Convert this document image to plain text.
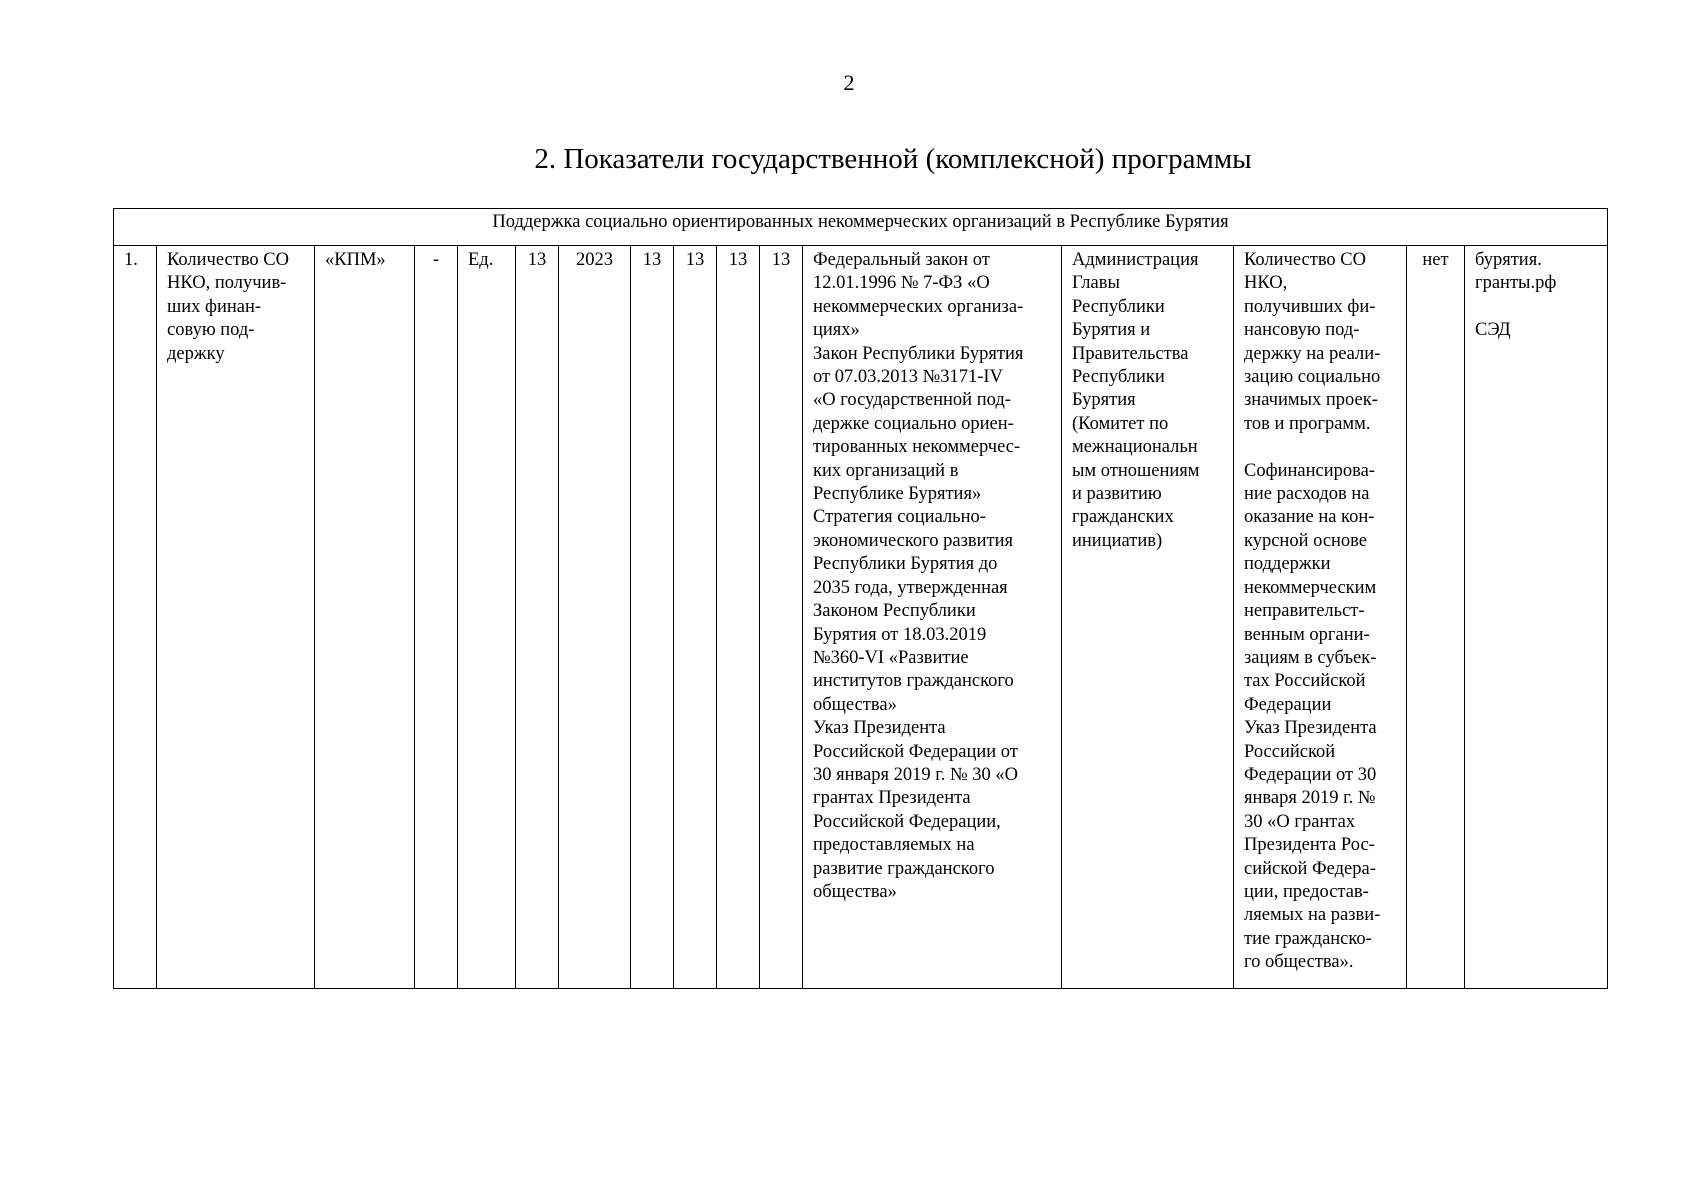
2
2. Показатели государственной (комплексной) программы
Поддержка социально ориентированных некоммерческих организаций в Республике Бурятия
1.	Количество СО
НКО, получив-
ших финан-
совую под-
держку	«КПМ»	-	Ед.	13	2023	13	13	13	13	Федеральный закон от
12.01.1996 № 7-ФЗ «О
некоммерческих организа-
циях»
Закон Республики Бурятия
от 07.03.2013 №3171-IV
«О государственной под-
держке социально ориен-
тированных некоммерчес-
ких организаций в
Республике Бурятия»
Стратегия социально-
экономического развития
Республики Бурятия до
2035 года, утвержденная
Законом Республики
Бурятия от 18.03.2019
№360-VI «Развитие
институтов гражданского
общества»
Указ Президента
Российской Федерации от
30 января 2019 г. № 30 «О
грантах Президента
Российской Федерации,
предоставляемых на
развитие гражданского
общества»	Администрация
Главы
Республики
Бурятия и
Правительства
Республики
Бурятия
(Комитет по
межнациональн
ым отношениям
и развитию
гражданских
инициатив)	Количество СО
НКО,
получивших фи-
нансовую под-
держку на реали-
зацию социально
значимых проек-
тов и программ.

Софинансирова-
ние расходов на
оказание на кон-
курсной основе
поддержки
некоммерческим
неправительст-
венным органи-
зациям в субъек-
тах Российской
Федерации
Указ Президента
Российской
Федерации от 30
января 2019 г. №
30 «О грантах
Президента Рос-
сийской Федера-
ции, предостав-
ляемых на разви-
тие гражданско-
го общества».	нет	бурятия.
гранты.рф

СЭД
